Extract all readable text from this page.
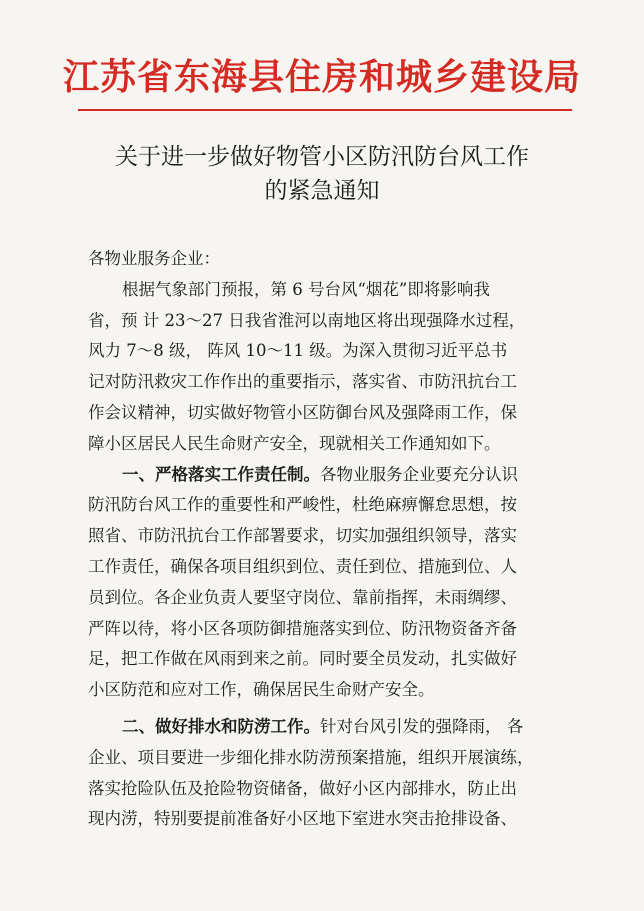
江苏省东海县住房和城乡建设局
关于进一步做好物管小区防汛防台风工作
的紧急通知
各物业服务企业：
根据气象部门预报，第 6 号台风“烟花”即将影响我
省，预 计 23～27 日我省淮河以南地区将出现强降水过程，
风力 7～8 级， 阵风 10～11 级。为深入贯彻习近平总书
记对防汛救灾工作作出的重要指示，落实省、市防汛抗台工
作会议精神，切实做好物管小区防御台风及强降雨工作，保
障小区居民人民生命财产安全，现就相关工作通知如下。
一、严格落实工作责任制。各物业服务企业要充分认识
防汛防台风工作的重要性和严峻性，杜绝麻痹懈怠思想，按
照省、市防汛抗台工作部署要求，切实加强组织领导，落实
工作责任，确保各项目组织到位、责任到位、措施到位、人
员到位。各企业负责人要坚守岗位、靠前指挥，未雨绸缪、
严阵以待，将小区各项防御措施落实到位、防汛物资备齐备
足，把工作做在风雨到来之前。同时要全员发动，扎实做好
小区防范和应对工作，确保居民生命财产安全。
二、做好排水和防涝工作。针对台风引发的强降雨， 各
企业、项目要进一步细化排水防涝预案措施，组织开展演练，
落实抢险队伍及抢险物资储备，做好小区内部排水，防止出
现内涝，特别要提前准备好小区地下室进水突击抢排设备、
